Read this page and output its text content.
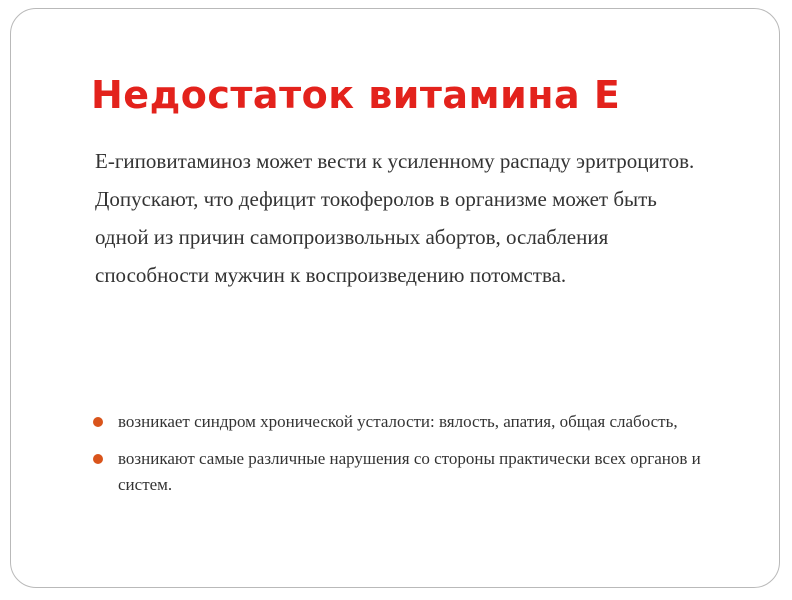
Недостаток витамина Е

Е-гиповитаминоз может вести к усиленному распаду эритроцитов. Допускают, что дефицит токоферолов в организме может быть одной из причин самопроизвольных абортов, ослабления способности мужчин к воспроизведению потомства.

возникает синдром хронической усталости: вялость, апатия, общая слабость,
возникают самые различные нарушения со стороны практически всех органов и систем.
